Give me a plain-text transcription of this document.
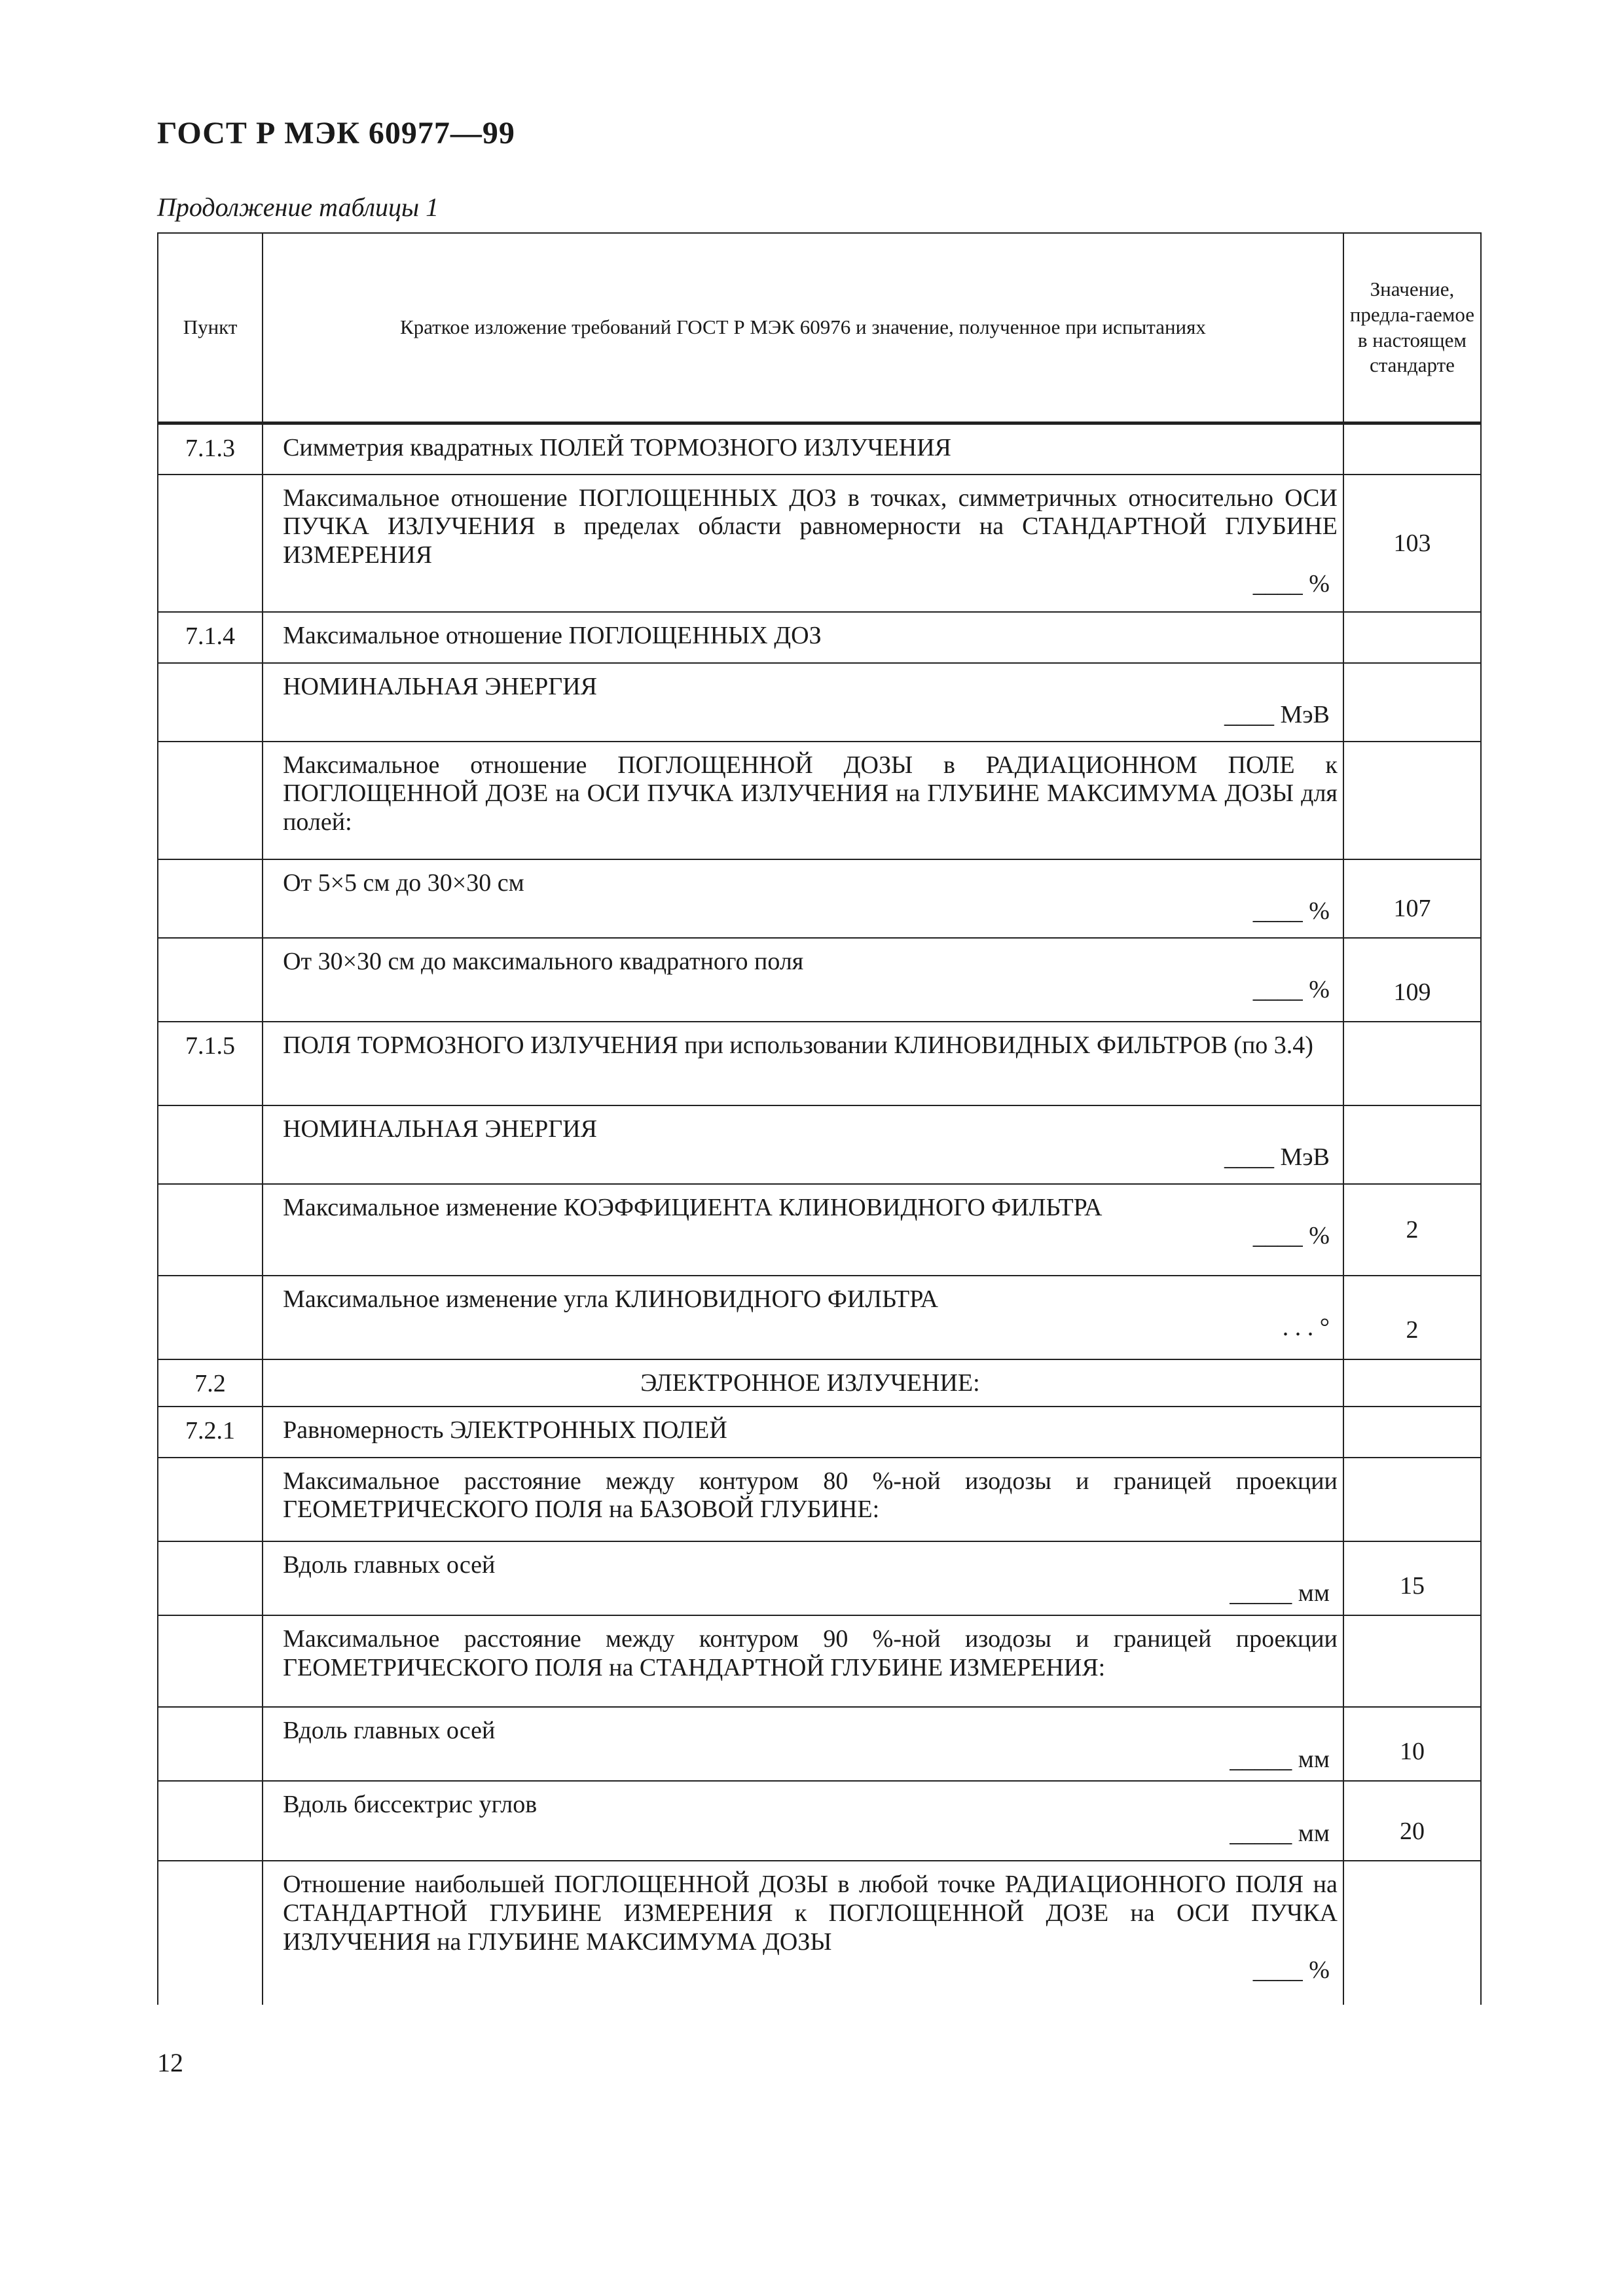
ГОСТ Р МЭК 60977—99
Продолжение таблицы 1
Пункт	Краткое изложение требований ГОСТ Р МЭК 60976 и значение, полученное при испытаниях	Значение, предла-гаемое в настоящем стандарте
7.1.3	Симметрия квадратных ПОЛЕЙ ТОРМОЗНОГО ИЗЛУЧЕНИЯ	

	Максимальное отношение ПОГЛОЩЕННЫХ ДОЗ в точках, симметричных относительно ОСИ ПУЧКА ИЗЛУЧЕНИЯ в пределах области равномерности на СТАНДАРТНОЙ ГЛУБИНЕ ИЗМЕРЕНИЯ
____ %	103
7.1.4	Максимальное отношение ПОГЛОЩЕННЫХ ДОЗ	

	НОМИНАЛЬНАЯ ЭНЕРГИЯ
____ МэВ	

	Максимальное отношение ПОГЛОЩЕННОЙ ДОЗЫ в РАДИАЦИОННОМ ПОЛЕ к ПОГЛОЩЕННОЙ ДОЗЕ на ОСИ ПУЧКА ИЗЛУЧЕНИЯ на ГЛУБИНЕ МАКСИМУМА ДОЗЫ для полей:	

	От 5×5 см до 30×30 см
____ %	107

	От 30×30 см до максимального квадратного поля
____ %	109
7.1.5	ПОЛЯ ТОРМОЗНОГО ИЗЛУЧЕНИЯ при использовании КЛИНОВИДНЫХ ФИЛЬТРОВ (по 3.4)	

	НОМИНАЛЬНАЯ ЭНЕРГИЯ
____ МэВ	

	Максимальное изменение КОЭФФИЦИЕНТА КЛИНОВИДНОГО ФИЛЬТРА
____ %	2

	Максимальное изменение угла КЛИНОВИДНОГО ФИЛЬТРА
. . . °	2
7.2	ЭЛЕКТРОННОЕ ИЗЛУЧЕНИЕ:	

7.2.1	Равномерность ЭЛЕКТРОННЫХ ПОЛЕЙ	

	Максимальное расстояние между контуром 80 %-ной изодозы и границей проекции ГЕОМЕТРИЧЕСКОГО ПОЛЯ на БАЗОВОЙ ГЛУБИНЕ:	

	Вдоль главных осей
_____ мм	15

	Максимальное расстояние между контуром 90 %-ной изодозы и границей проекции ГЕОМЕТРИЧЕСКОГО ПОЛЯ на СТАНДАРТНОЙ ГЛУБИНЕ ИЗМЕРЕНИЯ:	

	Вдоль главных осей
_____ мм	10

	Вдоль биссектрис углов
_____ мм	20

	Отношение наибольшей ПОГЛОЩЕННОЙ ДОЗЫ в любой точке РАДИАЦИОННОГО ПОЛЯ на СТАНДАРТНОЙ ГЛУБИНЕ ИЗМЕРЕНИЯ к ПОГЛОЩЕННОЙ ДОЗЕ на ОСИ ПУЧКА ИЗЛУЧЕНИЯ на ГЛУБИНЕ МАКСИМУМА ДОЗЫ
____ %	

12
